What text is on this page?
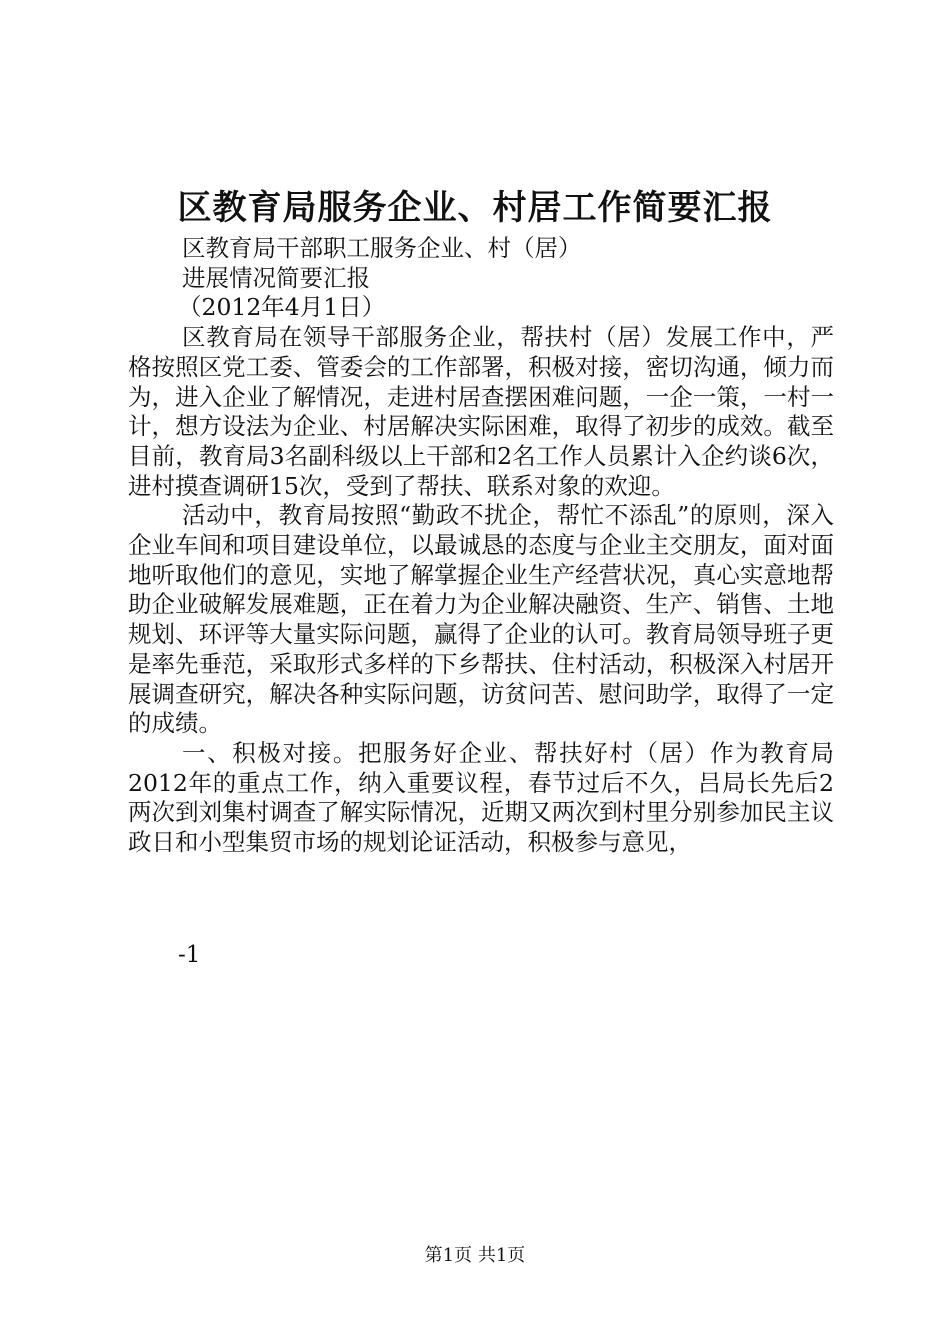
区教育局服务企业、村居工作简要汇报
区教育局干部职工服务企业、村（居）
进展情况简要汇报
（2012年4月1日）

区教育局在领导干部服务企业，帮扶村（居）发展工作中，严格按照区党工委、管委会的工作部署，积极对接，密切沟通，倾力而为，进入企业了解情况，走进村居查摆困难问题，一企一策，一村一计，想方设法为企业、村居解决实际困难，取得了初步的成效。截至目前，教育局3名副科级以上干部和2名工作人员累计入企约谈6次，进村摸查调研15次，受到了帮扶、联系对象的欢迎。

活动中，教育局按照“勤政不扰企，帮忙不添乱”的原则，深入企业车间和项目建设单位，以最诚恳的态度与企业主交朋友，面对面地听取他们的意见，实地了解掌握企业生产经营状况，真心实意地帮助企业破解发展难题，正在着力为企业解决融资、生产、销售、土地规划、环评等大量实际问题，赢得了企业的认可。教育局领导班子更是率先垂范，采取形式多样的下乡帮扶、住村活动，积极深入村居开展调查研究，解决各种实际问题，访贫问苦、慰问助学，取得了一定的成绩。

一、积极对接。把服务好企业、帮扶好村（居）作为教育局2012年的重点工作，纳入重要议程，春节过后不久，吕局长先后2两次到刘集村调查了解实际情况，近期又两次到村里分别参加民主议政日和小型集贸市场的规划论证活动，积极参与意见，

-1
第1页 共1页
